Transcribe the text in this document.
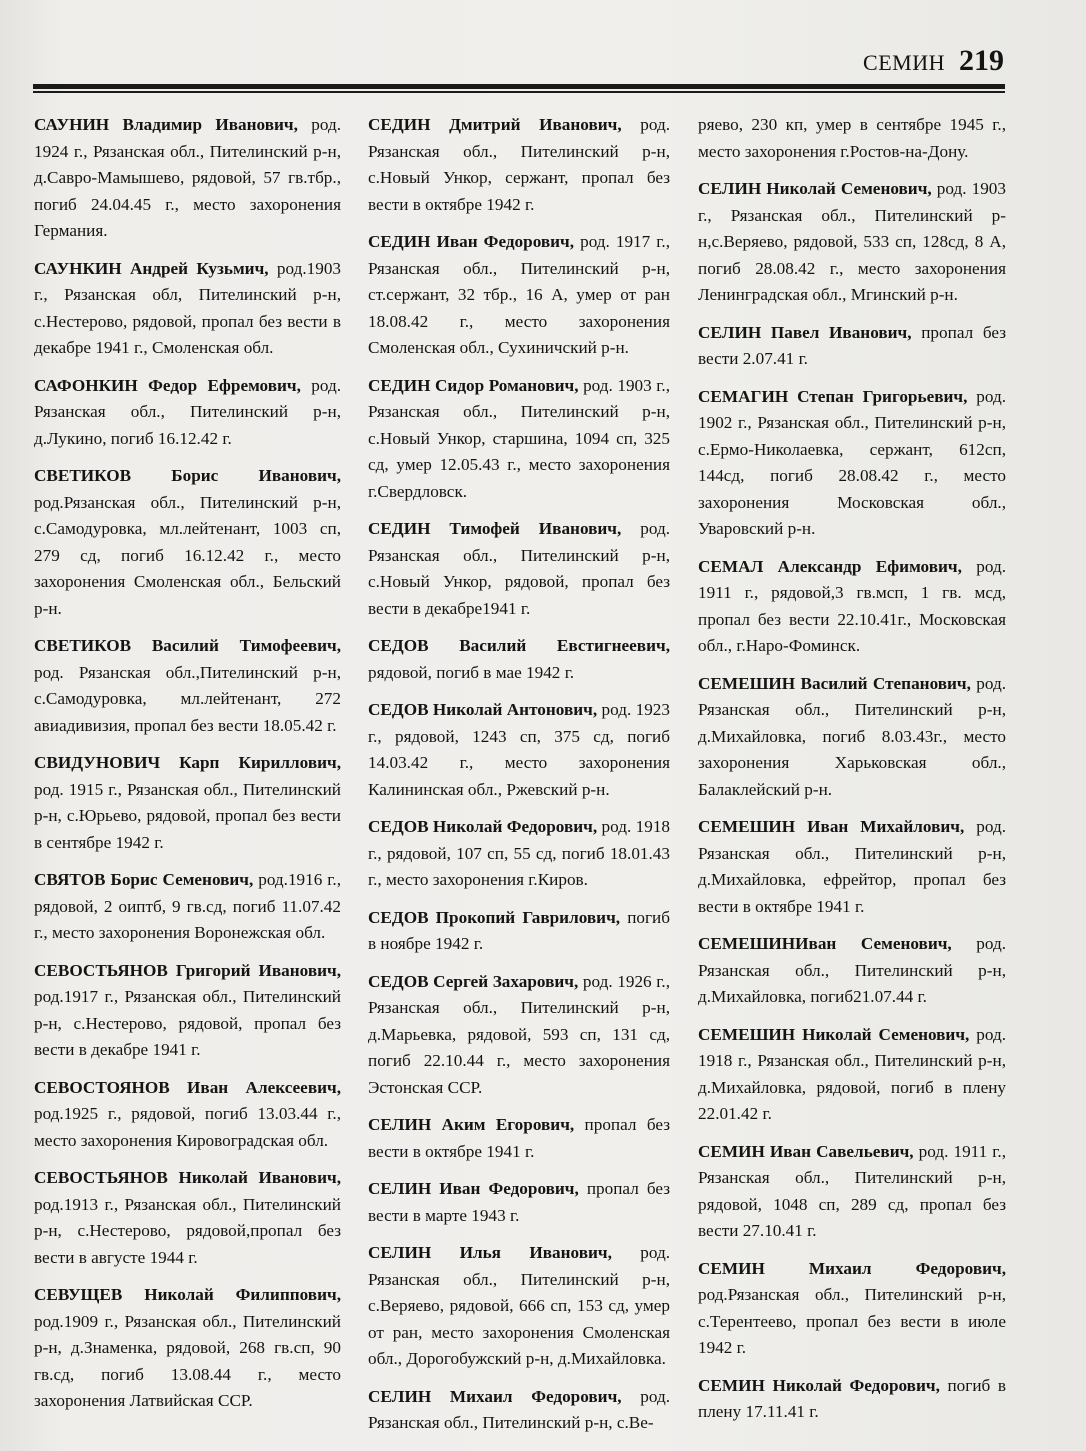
СЕМИН 219

САУНИН Владимир Иванович, род. 1924 г., Рязанская обл., Пителинский р-н, д.Савро-Мамышево, рядовой, 57 гв.тбр., погиб 24.04.45 г., место захоронения Германия.

САУНКИН Андрей Кузьмич, род.1903 г., Рязанская обл, Пителинский р-н, с.Нестерово, рядовой, пропал без вести в декабре 1941 г., Смоленская обл.

САФОНКИН Федор Ефремович, род. Рязанская обл., Пителинский р-н, д.Лукино, погиб 16.12.42 г.

СВЕТИКОВ Борис Иванович, род.Рязанская обл., Пителинский р-н, с.Самодуровка, мл.лейтенант, 1003 сп, 279 сд, погиб 16.12.42 г., место захоронения Смоленская обл., Бельский р-н.

СВЕТИКОВ Василий Тимофеевич, род. Рязанская обл.,Пителинский р-н, с.Самодуровка, мл.лейтенант, 272 авиадивизия, пропал без вести 18.05.42 г.

СВИДУНОВИЧ Карп Кириллович, род. 1915 г., Рязанская обл., Пителинский р-н, с.Юрьево, рядовой, пропал без вести в сентябре 1942 г.

СВЯТОВ Борис Семенович, род.1916 г., рядовой, 2 оиптб, 9 гв.сд, погиб 11.07.42 г., место захоронения Воронежская обл.

СЕВОСТЬЯНОВ Григорий Иванович, род.1917 г., Рязанская обл., Пителинский р-н, с.Нестерово, рядовой, пропал без вести в декабре 1941 г.

СЕВОСТОЯНОВ Иван Алексеевич, род.1925 г., рядовой, погиб 13.03.44 г., место захоронения Кировоградская обл.

СЕВОСТЬЯНОВ Николай Иванович, род.1913 г., Рязанская обл., Пителинский р-н, с.Нестерово, рядовой,пропал без вести в августе 1944 г.

СЕВУЩЕВ Николай Филиппович, род.1909 г., Рязанская обл., Пителинский р-н, д.Знаменка, рядовой, 268 гв.сп, 90 гв.сд, погиб 13.08.44 г., место захоронения Латвийская ССР.

СЕДИН Дмитрий Иванович, род. Рязанская обл., Пителинский р-н, с.Новый Ункор, сержант, пропал без вести в октябре 1942 г.

СЕДИН Иван Федорович, род. 1917 г., Рязанская обл., Пителинский р-н, ст.сержант, 32 тбр., 16 А, умер от ран 18.08.42 г., место захоронения Смоленская обл., Сухиничский р-н.

СЕДИН Сидор Романович, род. 1903 г., Рязанская обл., Пителинский р-н, с.Новый Ункор, старшина, 1094 сп, 325 сд, умер 12.05.43 г., место захоронения г.Свердловск.

СЕДИН Тимофей Иванович, род. Рязанская обл., Пителинский р-н, с.Новый Ункор, рядовой, пропал без вести в декабре1941 г.

СЕДОВ Василий Евстигнеевич, рядовой, погиб в мае 1942 г.

СЕДОВ Николай Антонович, род. 1923 г., рядовой, 1243 сп, 375 сд, погиб 14.03.42 г., место захоронения Калининская обл., Ржевский р-н.

СЕДОВ Николай Федорович, род. 1918 г., рядовой, 107 сп, 55 сд, погиб 18.01.43 г., место захоронения г.Киров.

СЕДОВ Прокопий Гаврилович, погиб в ноябре 1942 г.

СЕДОВ Сергей Захарович, род. 1926 г., Рязанская обл., Пителинский р-н, д.Марьевка, рядовой, 593 сп, 131 сд, погиб 22.10.44 г., место захоронения Эстонская ССР.

СЕЛИН Аким Егорович, пропал без вести в октябре 1941 г.

СЕЛИН Иван Федорович, пропал без вести в марте 1943 г.

СЕЛИН Илья Иванович, род. Рязанская обл., Пителинский р-н, с.Веряево, рядовой, 666 сп, 153 сд, умер от ран, место захоронения Смоленская обл., Дорогобужский р-н, д.Михайловка.

СЕЛИН Михаил Федорович, род. Рязанская обл., Пителинский р-н, с.Ве-

ряево, 230 кп, умер в сентябре 1945 г., место захоронения г.Ростов-на-Дону.

СЕЛИН Николай Семенович, род. 1903 г., Рязанская обл., Пителинский р-н,с.Веряево, рядовой, 533 сп, 128сд, 8 А, погиб 28.08.42 г., место захоронения Ленинградская обл., Мгинский р-н.

СЕЛИН Павел Иванович, пропал без вести 2.07.41 г.

СЕМАГИН Степан Григорьевич, род. 1902 г., Рязанская обл., Пителинский р-н, с.Ермо-Николаевка, сержант, 612сп, 144сд, погиб 28.08.42 г., место захоронения Московская обл., Уваровский р-н.

СЕМАЛ Александр Ефимович, род. 1911 г., рядовой,3 гв.мсп, 1 гв. мсд, пропал без вести 22.10.41г., Московская обл., г.Наро-Фоминск.

СЕМЕШИН Василий Степанович, род. Рязанская обл., Пителинский р-н, д.Михайловка, погиб 8.03.43г., место захоронения Харьковская обл., Балаклейский р-н.

СЕМЕШИН Иван Михайлович, род. Рязанская обл., Пителинский р-н, д.Михайловка, ефрейтор, пропал без вести в октябре 1941 г.

СЕМЕШИНИван Семенович, род. Рязанская обл., Пителинский р-н, д.Михайловка, погиб21.07.44 г.

СЕМЕШИН Николай Семенович, род. 1918 г., Рязанская обл., Пителинский р-н, д.Михайловка, рядовой, погиб в плену 22.01.42 г.

СЕМИН Иван Савельевич, род. 1911 г., Рязанская обл., Пителинский р-н, рядовой, 1048 сп, 289 сд, пропал без вести 27.10.41 г.

СЕМИН Михаил Федорович, род.Рязанская обл., Пителинский р-н, с.Терентеево, пропал без вести в июле 1942 г.

СЕМИН Николай Федорович, погиб в плену 17.11.41 г.
